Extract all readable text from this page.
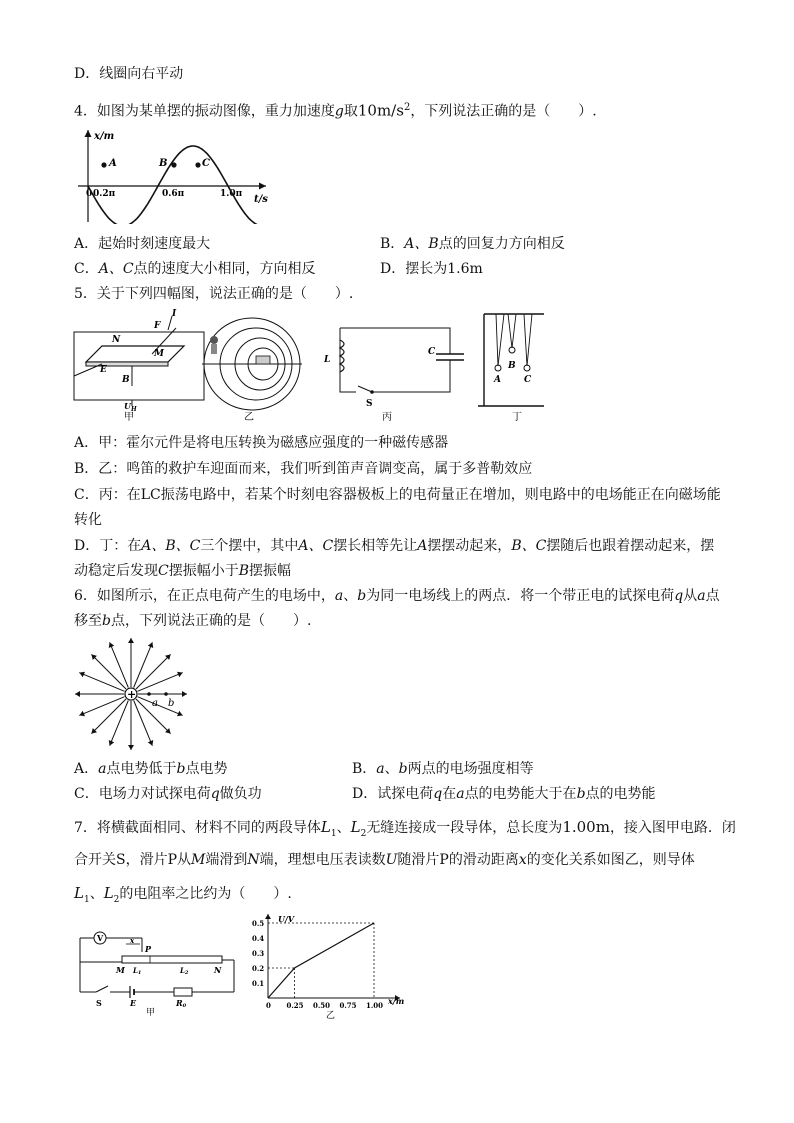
D．线圈向右平动
4．如图为某单摆的振动图像，重力加速度g取$10m/s^2$，下列说法正确的是（　　）.
x/m
t/s
0 0.2π	0.6π	1.0π
A	B	C
A．起始时刻速度最大	B．A、B点的回复力方向相反
C．A、C点的速度大小相同，方向相反	D．摆长为1.6m
5．关于下列四幅图，说法正确的是（　　）.
N
F
I
M
E
B
$U_H$
甲	乙
L
C
S
丙
A
B
C
丁
A．甲：霍尔元件是将电压转换为磁感应强度的一种磁传感器
B．乙：鸣笛的救护车迎面而来，我们听到笛声音调变高，属于多普勒效应
C．丙：在LC振荡电路中，若某个时刻电容器极板上的电荷量正在增加，则电路中的电场能正在向磁场能
转化
D．丁：在A、B、C三个摆中，其中A、C摆长相等先让A摆摆动起来，B、C摆随后也跟着摆动起来，摆
动稳定后发现C摆振幅小于B摆振幅
6．如图所示，在正点电荷产生的电场中，a、b为同一电场线上的两点．将一个带正电的试探电荷q从a点
移至b点，下列说法正确的是（　　）.
+
a b
A．a点电势低于b点电势	B．a、b两点的电场强度相等
C．电场力对试探电荷q做负功	D．试探电荷q在a点的电势能大于在b点的电势能
7．将横截面相同、材料不同的两段导体$L_1$、$L_2$无缝连接成一段导体，总长度为1.00m，接入图甲电路．闭
合开关S，滑片P从M端滑到N端，理想电压表读数U随滑片P的滑动距离x的变化关系如图乙，则导体
$L_1$、$L_2$的电阻率之比约为（　　）.
V	x
P
M L1	L2	N
S	E	R0
甲
0.5
0.4
0.3
0.2
0.1
0 0.25 0.50 0.75 1.00
U/V
x/m
乙
